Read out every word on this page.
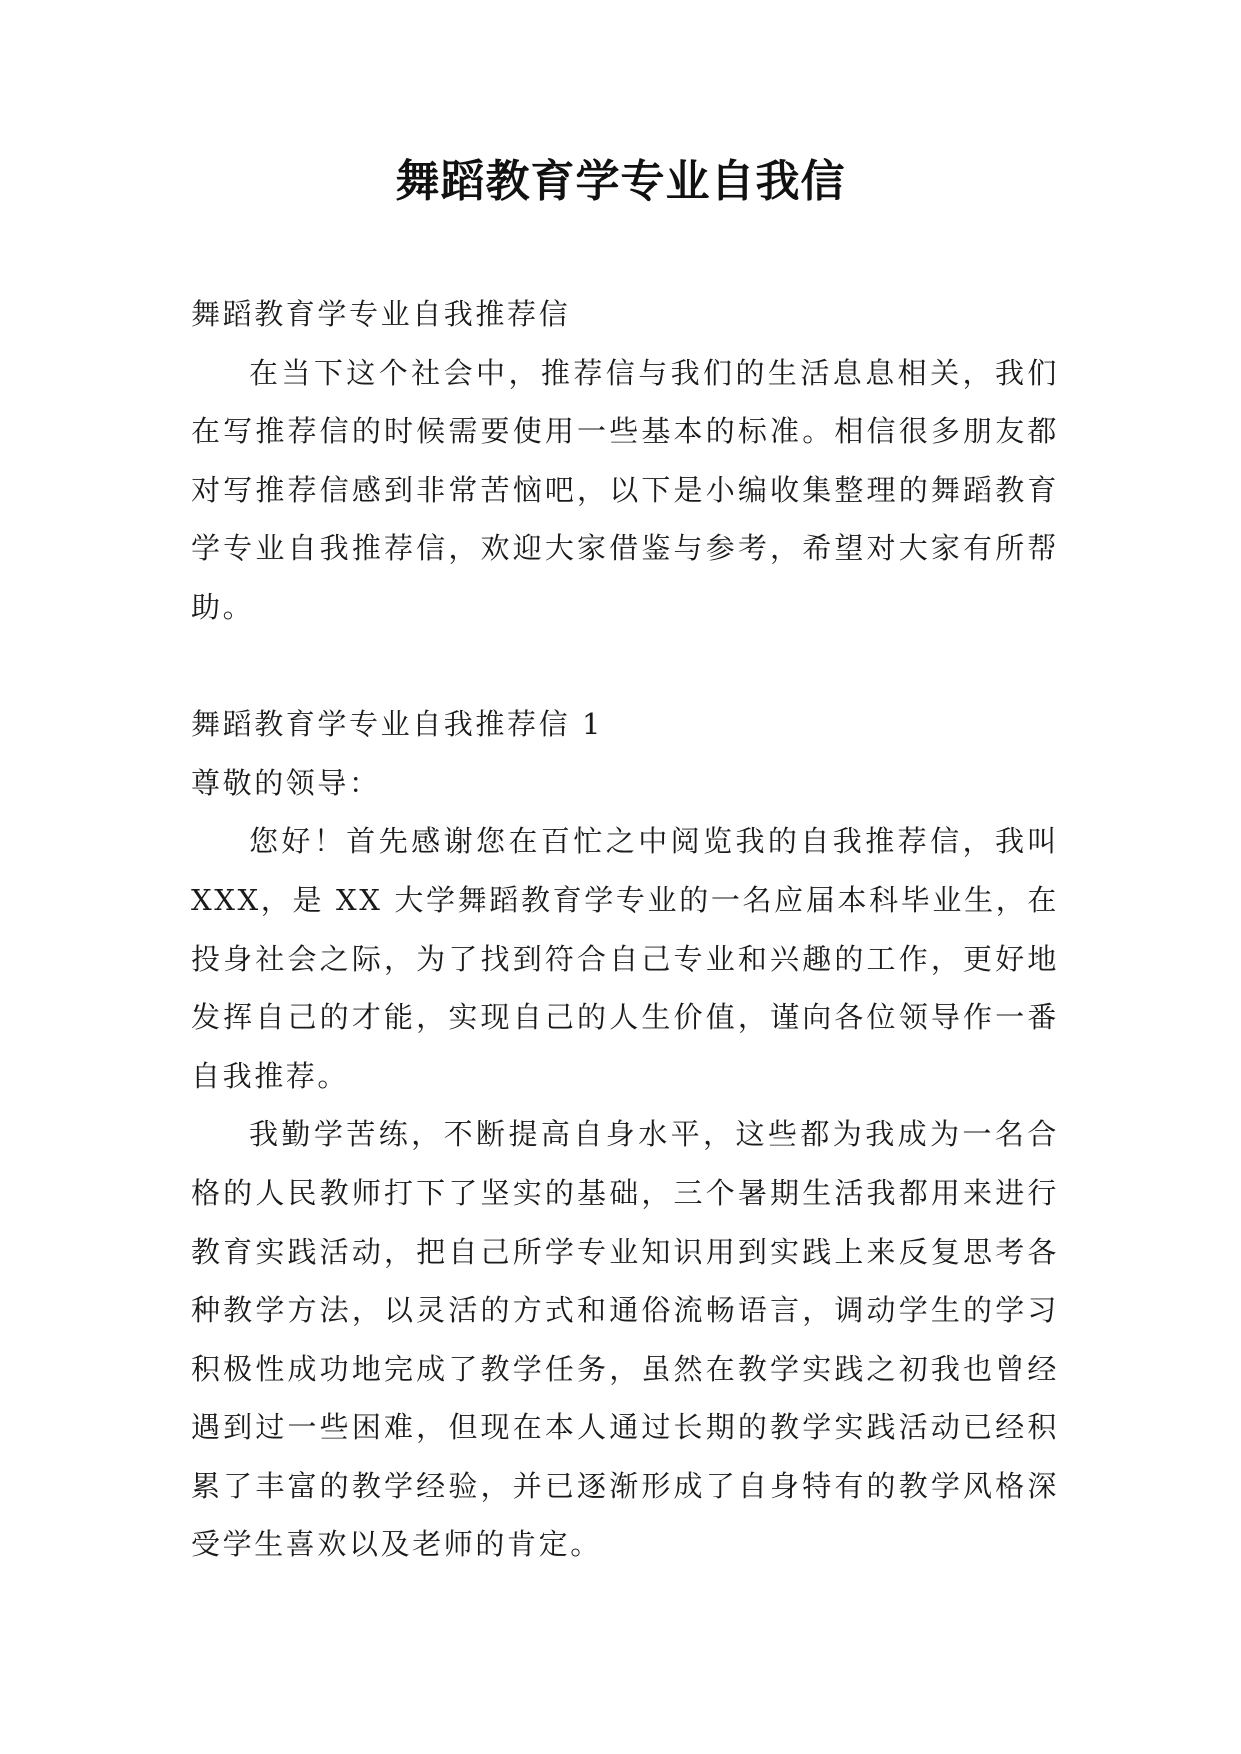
舞蹈教育学专业自我信

舞蹈教育学专业自我推荐信

在当下这个社会中，推荐信与我们的生活息息相关，我们在写推荐信的时候需要使用一些基本的标准。相信很多朋友都对写推荐信感到非常苦恼吧，以下是小编收集整理的舞蹈教育学专业自我推荐信，欢迎大家借鉴与参考，希望对大家有所帮助。

舞蹈教育学专业自我推荐信 1

尊敬的领导：

您好！首先感谢您在百忙之中阅览我的自我推荐信，我叫 XXX，是 XX 大学舞蹈教育学专业的一名应届本科毕业生，在投身社会之际，为了找到符合自己专业和兴趣的工作，更好地发挥自己的才能，实现自己的人生价值，谨向各位领导作一番自我推荐。

我勤学苦练，不断提高自身水平，这些都为我成为一名合格的人民教师打下了坚实的基础，三个暑期生活我都用来进行教育实践活动，把自己所学专业知识用到实践上来反复思考各种教学方法，以灵活的方式和通俗流畅语言，调动学生的学习积极性成功地完成了教学任务，虽然在教学实践之初我也曾经遇到过一些困难，但现在本人通过长期的教学实践活动已经积累了丰富的教学经验，并已逐渐形成了自身特有的教学风格深受学生喜欢以及老师的肯定。
